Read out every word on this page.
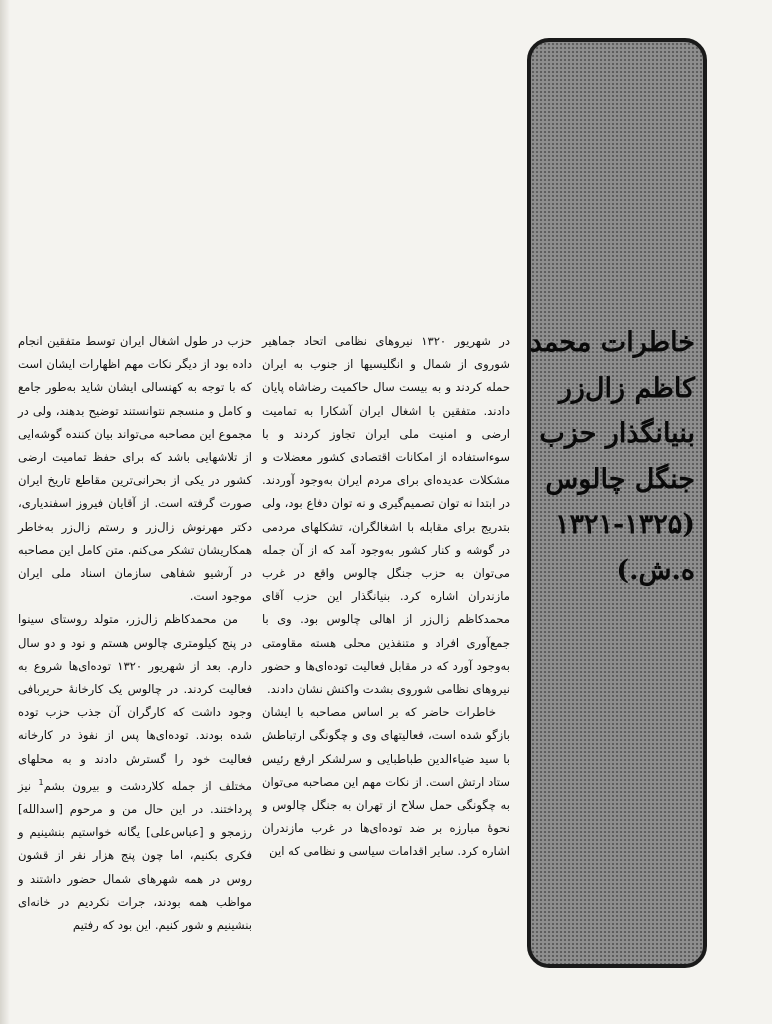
خاطرات محمد
کاظم زال‌زر
بنیانگذار حزب
جنگل چالوس
(۱۳۲۱-۱۳۲۵
ه.ش.)

در شهریور ۱۳۲۰ نیروهای نظامی اتحاد جماهیر شوروی از شمال و انگلیسیها از جنوب به ایران حمله کردند و به بیست سال حاکمیت رضاشاه پایان دادند. متفقین با اشغال ایران آشکارا به تمامیت ارضی و امنیت ملی ایران تجاوز کردند و با سوءاستفاده از امکانات اقتصادی کشور معضلات و مشکلات عدیده‌ای برای مردم ایران به‌وجود آوردند. در ابتدا نه توان تصمیم‌گیری و نه توان دفاع بود، ولی بتدریج برای مقابله با اشغالگران، تشکلهای مردمی در گوشه و کنار کشور به‌وجود آمد که از آن جمله می‌توان به حزب جنگل چالوس واقع در غرب مازندران اشاره کرد. بنیانگذار این حزب آقای محمدکاظم زال‌زر از اهالی چالوس بود. وی با جمع‌آوری افراد و متنفذین محلی هسته مقاومتی به‌وجود آورد که در مقابل فعالیت توده‌ای‌ها و حضور نیروهای نظامی شوروی بشدت واکنش نشان دادند.

خاطرات حاضر که بر اساس مصاحبه با ایشان بازگو شده است، فعالیتهای وی و چگونگی ارتباطش با سید ضیاءالدین طباطبایی و سرلشکر ارفع رئیس ستاد ارتش است. از نکات مهم این مصاحبه می‌توان به چگونگی حمل سلاح از تهران به جنگل چالوس و نحوهٔ مبارزه بر ضد توده‌ای‌ها در غرب مازندران اشاره کرد. سایر اقدامات سیاسی و نظامی که این

حزب در طول اشغال ایران توسط متفقین انجام داده بود از دیگر نکات مهم اظهارات ایشان است که با توجه به کهنسالی ایشان شاید به‌طور جامع و کامل و منسجم نتوانستند توضیح بدهند، ولی در مجموع این مصاحبه می‌تواند بیان کننده گوشه‌ایی از تلاشهایی باشد که برای حفظ تمامیت ارضی کشور در یکی از بحرانی‌ترین مقاطع تاریخ ایران صورت گرفته است. از آقایان فیروز اسفندیاری، دکتر مهرنوش زال‌زر و رستم زال‌زر به‌خاطر همکاریشان تشکر می‌کنم. متن کامل این مصاحبه در آرشیو شفاهی سازمان اسناد ملی ایران موجود است.

من محمدکاظم زال‌زر، متولد روستای سینوا در پنج کیلومتری چالوس هستم و نود و دو سال دارم. بعد از شهریور ۱۳۲۰ توده‌ای‌ها شروع به فعالیت کردند. در چالوس یک کارخانهٔ حریربافی وجود داشت که کارگران آن جذب حزب توده شده بودند. توده‌ای‌ها پس از نفوذ در کارخانه فعالیت خود را گسترش دادند و به محلهای مختلف از جمله کلاردشت و بیرون بشم$^1$ نیز پرداختند. در این حال من و مرحوم [اسدالله] رزمجو و [عباس‌علی] یگانه خواستیم بنشینیم و فکری بکنیم، اما چون پنج هزار نفر از قشون روس در همه شهرهای شمال حضور داشتند و مواظب همه بودند، جرات نکردیم در خانه‌ای بنشینیم و شور کنیم. این بود که رفتیم
